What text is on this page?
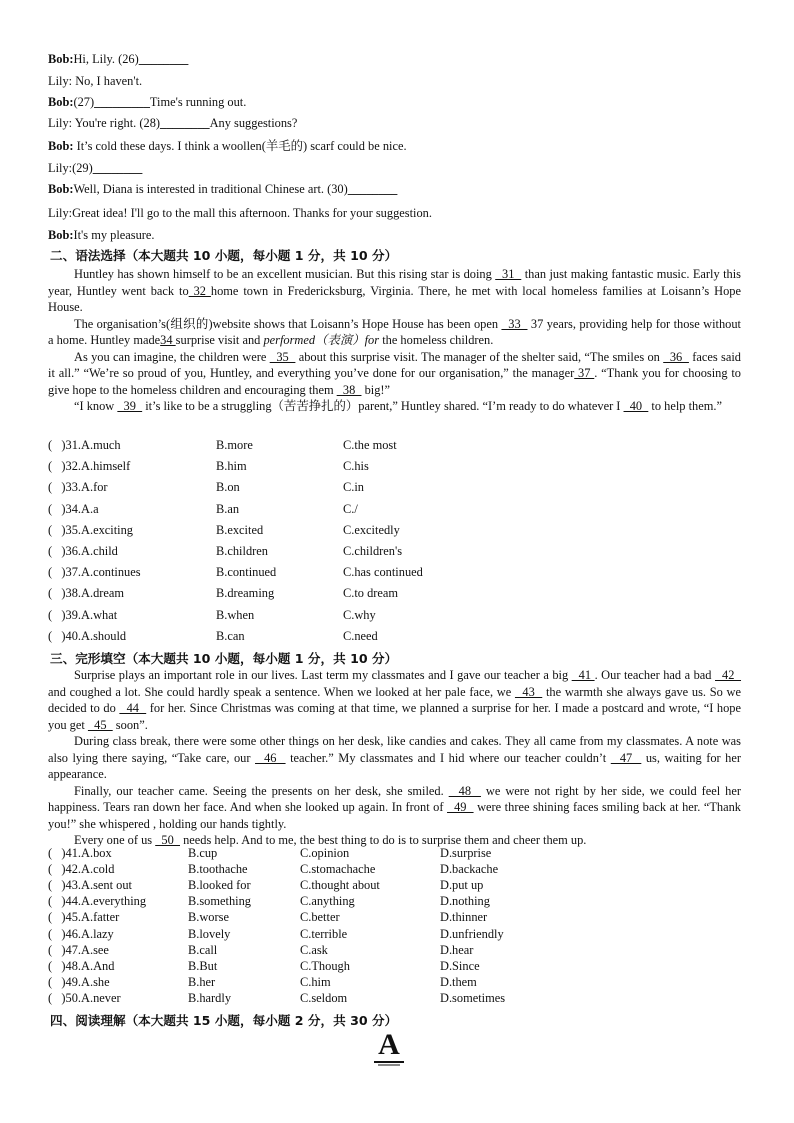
Bob:Hi, Lily. (26)________
Lily: No, I haven't.
Bob:(27)_________Time's running out.
Lily: You're right. (28)________Any suggestions?
Bob: It’s cold these days. I think a woollen(羊毛的) scarf could be nice.
Lily:(29)________
Bob:Well, Diana is interested in traditional Chinese art. (30)________
Lily:Great idea! I'll go to the mall this afternoon. Thanks for your suggestion.
Bob:It's my pleasure.
二、语法选择（本大题共 10 小题，每小题 1 分，共 10 分）

Huntley has shown himself to be an excellent musician. But this rising star is doing   31   than just making fantastic music. Early this year, Huntley went back to 32 home town in Fredericksburg, Virginia. There, he met with local homeless families at Loisann’s Hope House.

The organisation’s(组织的)website shows that Loisann’s Hope House has been open   33   37 years, providing help for those without a home. Huntley made34 surprise visit and performed（表演）for the homeless children.

As you can imagine, the children were   35   about this surprise visit. The manager of the shelter said, “The smiles on   36   faces said it all.” “We’re so proud of you, Huntley, and everything you’ve done for our organisation,” the manager 37 . “Thank you for choosing to give hope to the homeless children and encouraging them   38   big!”

“I know   39   it’s like to be a struggling（苦苦挣扎的）parent,” Huntley shared. “I’m ready to do whatever I   40   to help them.”

(   )31.A.much	B.more	C.the most
(   )32.A.himself	B.him	C.his
(   )33.A.for	B.on	C.in
(   )34.A.a	B.an	C./
(   )35.A.exciting	B.excited	C.excitedly
(   )36.A.child	B.children	C.children's
(   )37.A.continues	B.continued	C.has continued
(   )38.A.dream	B.dreaming	C.to dream
(   )39.A.what	B.when	C.why
(   )40.A.should	B.can	C.need
三、完形填空（本大题共 10 小题，每小题 1 分，共 10 分）

Surprise plays an important role in our lives. Last term my classmates and I gave our teacher a big   41 . Our teacher had a bad   42   and coughed a lot. She could hardly speak a sentence. When we looked at her pale face, we   43   the warmth she always gave us. So we decided to do   44   for her. Since Christmas was coming at that time, we planned a surprise for her. I made a postcard and wrote, “I hope you get   45   soon”.

During class break, there were some other things on her desk, like candies and cakes. They all came from my classmates. A note was also lying there saying, “Take care, our   46   teacher.” My classmates and I hid where our teacher couldn’t   47   us, waiting for her appearance.

Finally, our teacher came. Seeing the presents on her desk, she smiled.   48   we were not right by her side, we could feel her happiness. Tears ran down her face. And when she looked up again. In front of   49   were three shining faces smiling back at her. “Thank you!” she whispered , holding our hands tightly.

Every one of us   50   needs help. And to me, the best thing to do is to surprise them and cheer them up.

(   )41.A.box	B.cup	C.opinion	D.surprise
(   )42.A.cold	B.toothache	C.stomachache	D.backache
(   )43.A.sent out	B.looked for	C.thought about	D.put up
(   )44.A.everything	B.something	C.anything	D.nothing
(   )45.A.fatter	B.worse	C.better	D.thinner
(   )46.A.lazy	B.lovely	C.terrible	D.unfriendly
(   )47.A.see	B.call	C.ask	D.hear
(   )48.A.And	B.But	C.Though	D.Since
(   )49.A.she	B.her	C.him	D.them
(   )50.A.never	B.hardly	C.seldom	D.sometimes
四、阅读理解（本大题共 15 小题，每小题 2 分，共 30 分）
A
